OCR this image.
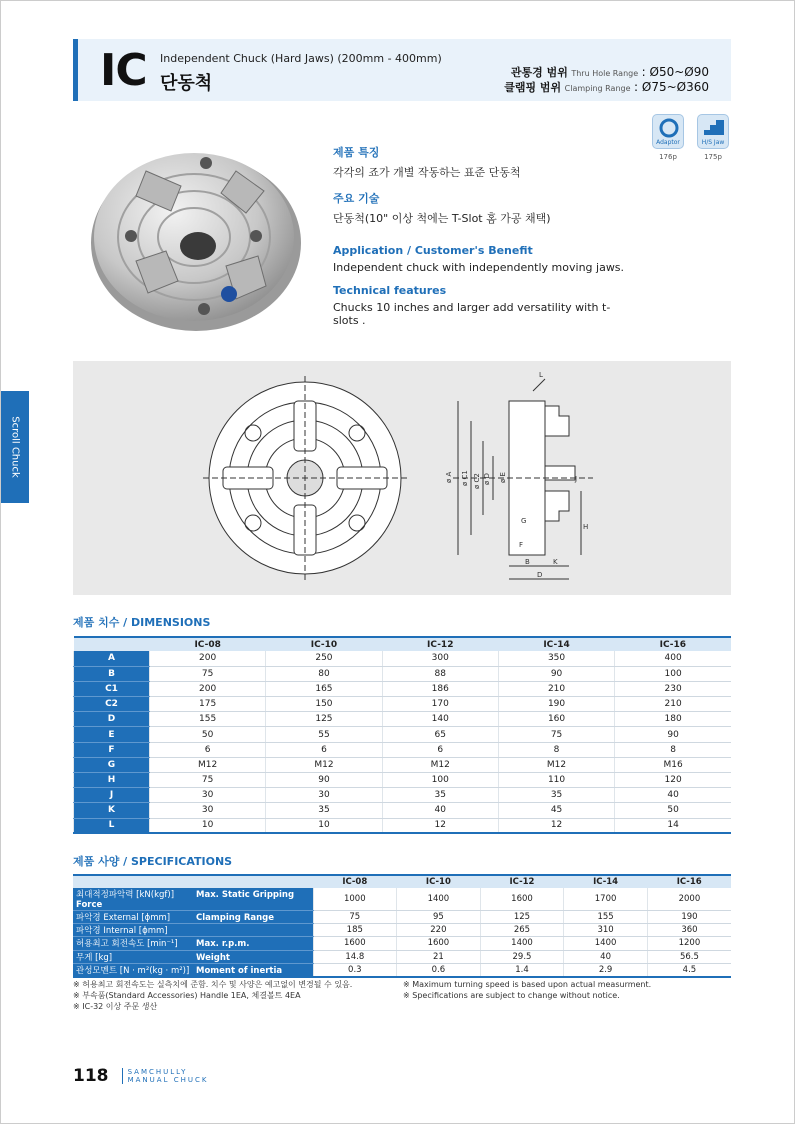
IC Independent Chuck (Hard Jaws) (200mm - 400mm)
단동척
관통경 범위 Thru Hole Range : Ø50~Ø90
클램핑 범위 Clamping Range : Ø75~Ø360
Scroll Chuck
제품 특징
각각의 죠가 개별 작동하는 표준 단동척
주요 기술
단동척(10" 이상 척에는 T-Slot 홈 가공 채택)
Application / Customer's Benefit
Independent chuck with independently moving jaws.
Technical features
Chucks 10 inches and larger add versatility with t-slots .
Adaptor
176p
H/S Jaw
175p
ø A ø C1 ø C2 ø D ø E
F
G
H
J
K
B
D
L
제품 치수 / DIMENSIONS
	IC-08	IC-10	IC-12	IC-14	IC-16
A	200	250	300	350	400
B	75	80	88	90	100
C1	200	165	186	210	230
C2	175	150	170	190	210
D	155	125	140	160	180
E	50	55	65	75	90
F	6	6	6	8	8
G	M12	M12	M12	M12	M16
H	75	90	100	110	120
J	30	30	35	35	40
K	30	35	40	45	50
L	10	10	12	12	14
제품 사양 / SPECIFICATIONS
	IC-08	IC-10	IC-12	IC-14	IC-16
최대적정파악력 [kN(kgf)] Max. Static Gripping Force	1000	1400	1600	1700	2000
파악경 External [ϕmm] Clamping Range	75	95	125	155	190
파악경 Internal [ϕmm]	185	220	265	310	360
허용최고 회전속도 [min⁻¹] Max. r.p.m.	1600	1600	1400	1400	1200
무게 [kg] Weight	14.8	21	29.5	40	56.5
관성모멘트 [N · m²(kg · m²)] Moment of inertia	0.3	0.6	1.4	2.9	4.5
※ 허용최고 회전속도는 실측치에 준함. 치수 및 사양은 예고없이 변경될 수 있음.
※ 부속품(Standard Accessories) Handle 1EA, 체결볼트 4EA
※ IC-32 이상 주문 생산
※ Maximum turning speed is based upon actual measurment.
※ Specifications are subject to change without notice.
118	SAMCHULLY
MANUAL CHUCK
